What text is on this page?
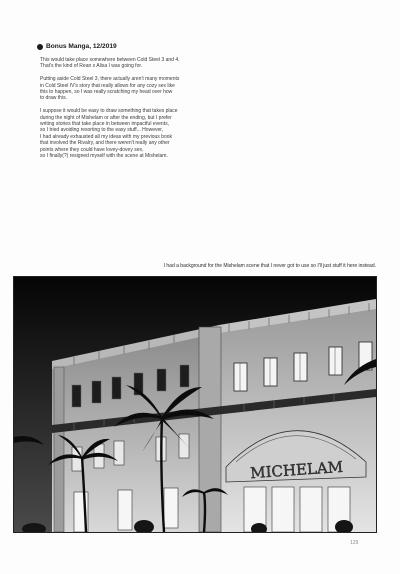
Bonus Manga, 12/2019
This would take place somewhere between Cold Steel 3 and 4.
That's the kind of Rean x Alisa I was going for.
Putting aside Cold Steel 3, there actually aren't many moments
in Cold Steel IV's story that really allows for any cozy sex like
this to happen, so I was really scratching my head over how
to draw this.
I suppose it would be easy to draw something that takes place
during the night of Mishelam or after the ending, but I prefer
writing stories that take place in between impactful events,
so I tried avoiding resorting to the easy stuff... However,
I had already exhausted all my ideas with my previous book
that involved the Rivalry, and there weren't really any other
points where they could have lovey-dovey sex,
so I finally(?) resigned myself with the scene at Mishelam.
I had a background for the Mishelam scene that I never got to use so I'll just stuff it here instead.
MICHELAM
129
